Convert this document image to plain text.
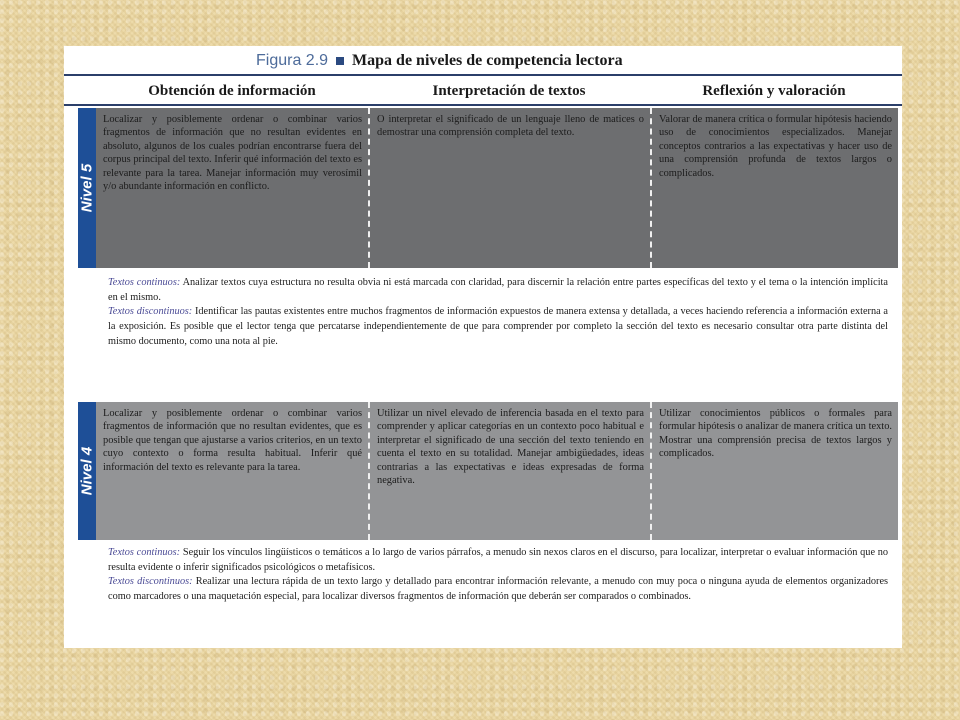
Figura 2.9 Mapa de niveles de competencia lectora
Obtención de información	Interpretación de textos	Reflexión y valoración
Nivel 5
Localizar y posiblemente ordenar o combinar varios fragmentos de información que no resultan evidentes en absoluto, algunos de los cuales podrían encontrarse fuera del corpus principal del texto. Inferir qué información del texto es relevante para la tarea. Manejar información muy verosímil y/o abundante información en conflicto.
O interpretar el significado de un lenguaje lleno de matices o demostrar una comprensión completa del texto.
Valorar de manera crítica o formular hipótesis haciendo uso de conocimientos especializados. Manejar conceptos contrarios a las expectativas y hacer uso de una comprensión profunda de textos largos o complicados.

Textos continuos: Analizar textos cuya estructura no resulta obvia ni está marcada con claridad, para discernir la relación entre partes específicas del texto y el tema o la intención implícita en el mismo.

Textos discontinuos: Identificar las pautas existentes entre muchos fragmentos de información expuestos de manera extensa y detallada, a veces haciendo referencia a información externa a la exposición. Es posible que el lector tenga que percatarse independientemente de que para comprender por completo la sección del texto es necesario consultar otra parte distinta del mismo documento, como una nota al pie.

Nivel 4
Localizar y posiblemente ordenar o combinar varios fragmentos de información que no resultan evidentes, que es posible que tengan que ajustarse a varios criterios, en un texto cuyo contexto o forma resulta habitual. Inferir qué información del texto es relevante para la tarea.
Utilizar un nivel elevado de inferencia basada en el texto para comprender y aplicar categorías en un contexto poco habitual e interpretar el significado de una sección del texto teniendo en cuenta el texto en su totalidad. Manejar ambigüedades, ideas contrarias a las expectativas e ideas expresadas de forma negativa.
Utilizar conocimientos públicos o formales para formular hipótesis o analizar de manera crítica un texto. Mostrar una comprensión precisa de textos largos y complicados.

Textos continuos: Seguir los vínculos lingüísticos o temáticos a lo largo de varios párrafos, a menudo sin nexos claros en el discurso, para localizar, interpretar o evaluar información que no resulta evidente o inferir significados psicológicos o metafísicos.

Textos discontinuos: Realizar una lectura rápida de un texto largo y detallado para encontrar información relevante, a menudo con muy poca o ninguna ayuda de elementos organizadores como marcadores o una maquetación especial, para localizar diversos fragmentos de información que deberán ser comparados o combinados.
